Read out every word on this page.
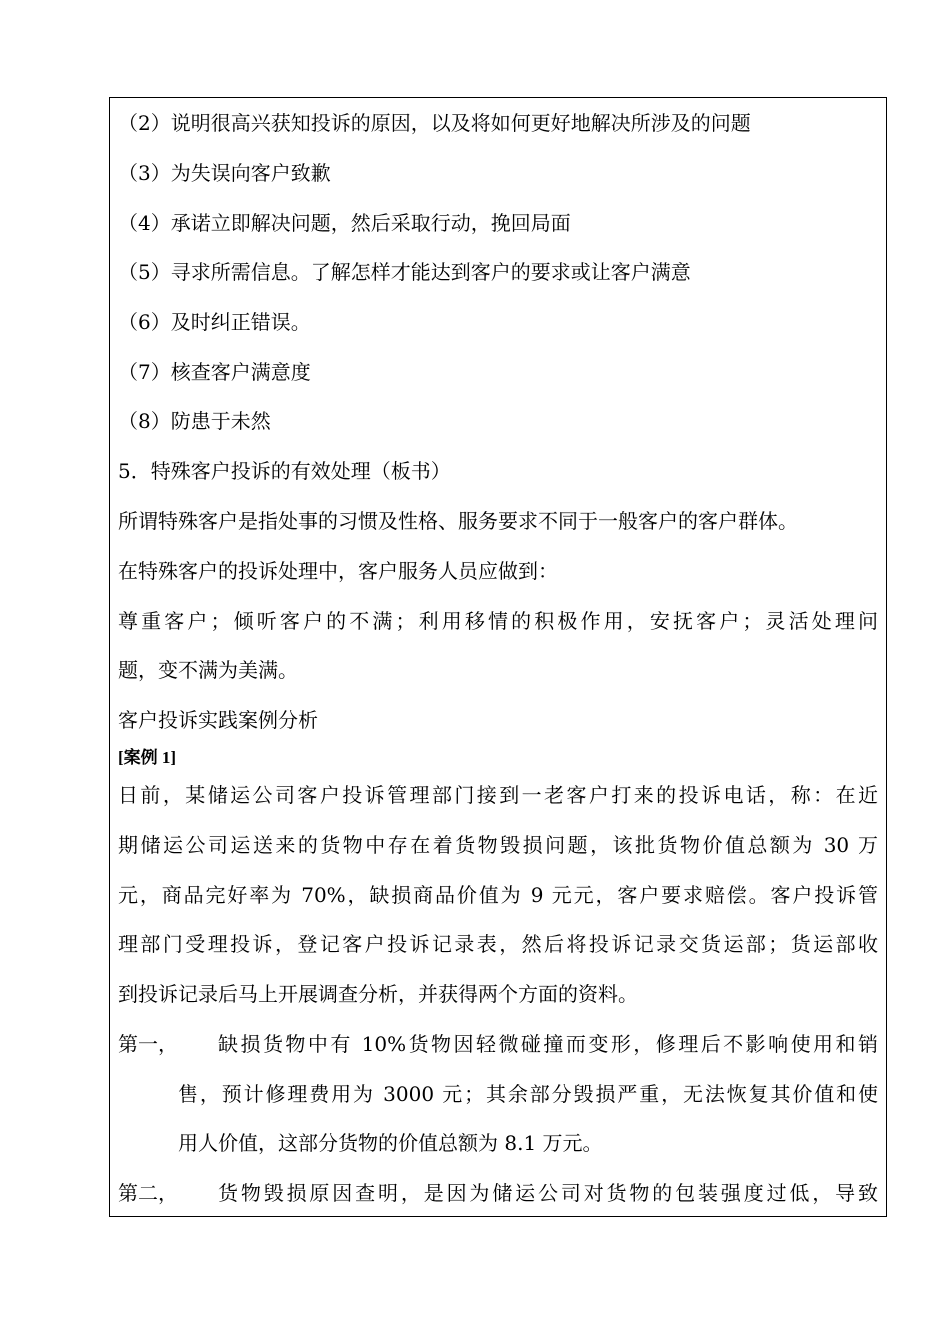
（2）说明很高兴获知投诉的原因，以及将如何更好地解决所涉及的问题

（3）为失误向客户致歉

（4）承诺立即解决问题，然后采取行动，挽回局面

（5）寻求所需信息。了解怎样才能达到客户的要求或让客户满意

（6）及时纠正错误。

（7）核查客户满意度

（8）防患于未然

5．特殊客户投诉的有效处理（板书）

所谓特殊客户是指处事的习惯及性格、服务要求不同于一般客户的客户群体。

在特殊客户的投诉处理中，客户服务人员应做到：

尊重客户；倾听客户的不满；利用移情的积极作用，安抚客户；灵活处理问

题，变不满为美满。

客户投诉实践案例分析

[案例 1]

日前，某储运公司客户投诉管理部门接到一老客户打来的投诉电话，称：在近

期储运公司运送来的货物中存在着货物毁损问题，该批货物价值总额为 30 万

元，商品完好率为 70%，缺损商品价值为 9 元元，客户要求赔偿。客户投诉管

理部门受理投诉，登记客户投诉记录表，然后将投诉记录交货运部；货运部收

到投诉记录后马上开展调查分析，并获得两个方面的资料。

第一， 缺损货物中有 10%货物因轻微碰撞而变形，修理后不影响使用和销

售，预计修理费用为 3000 元；其余部分毁损严重，无法恢复其价值和使

用人价值，这部分货物的价值总额为 8.1 万元。

第二， 货物毁损原因查明，是因为储运公司对货物的包装强度过低，导致
